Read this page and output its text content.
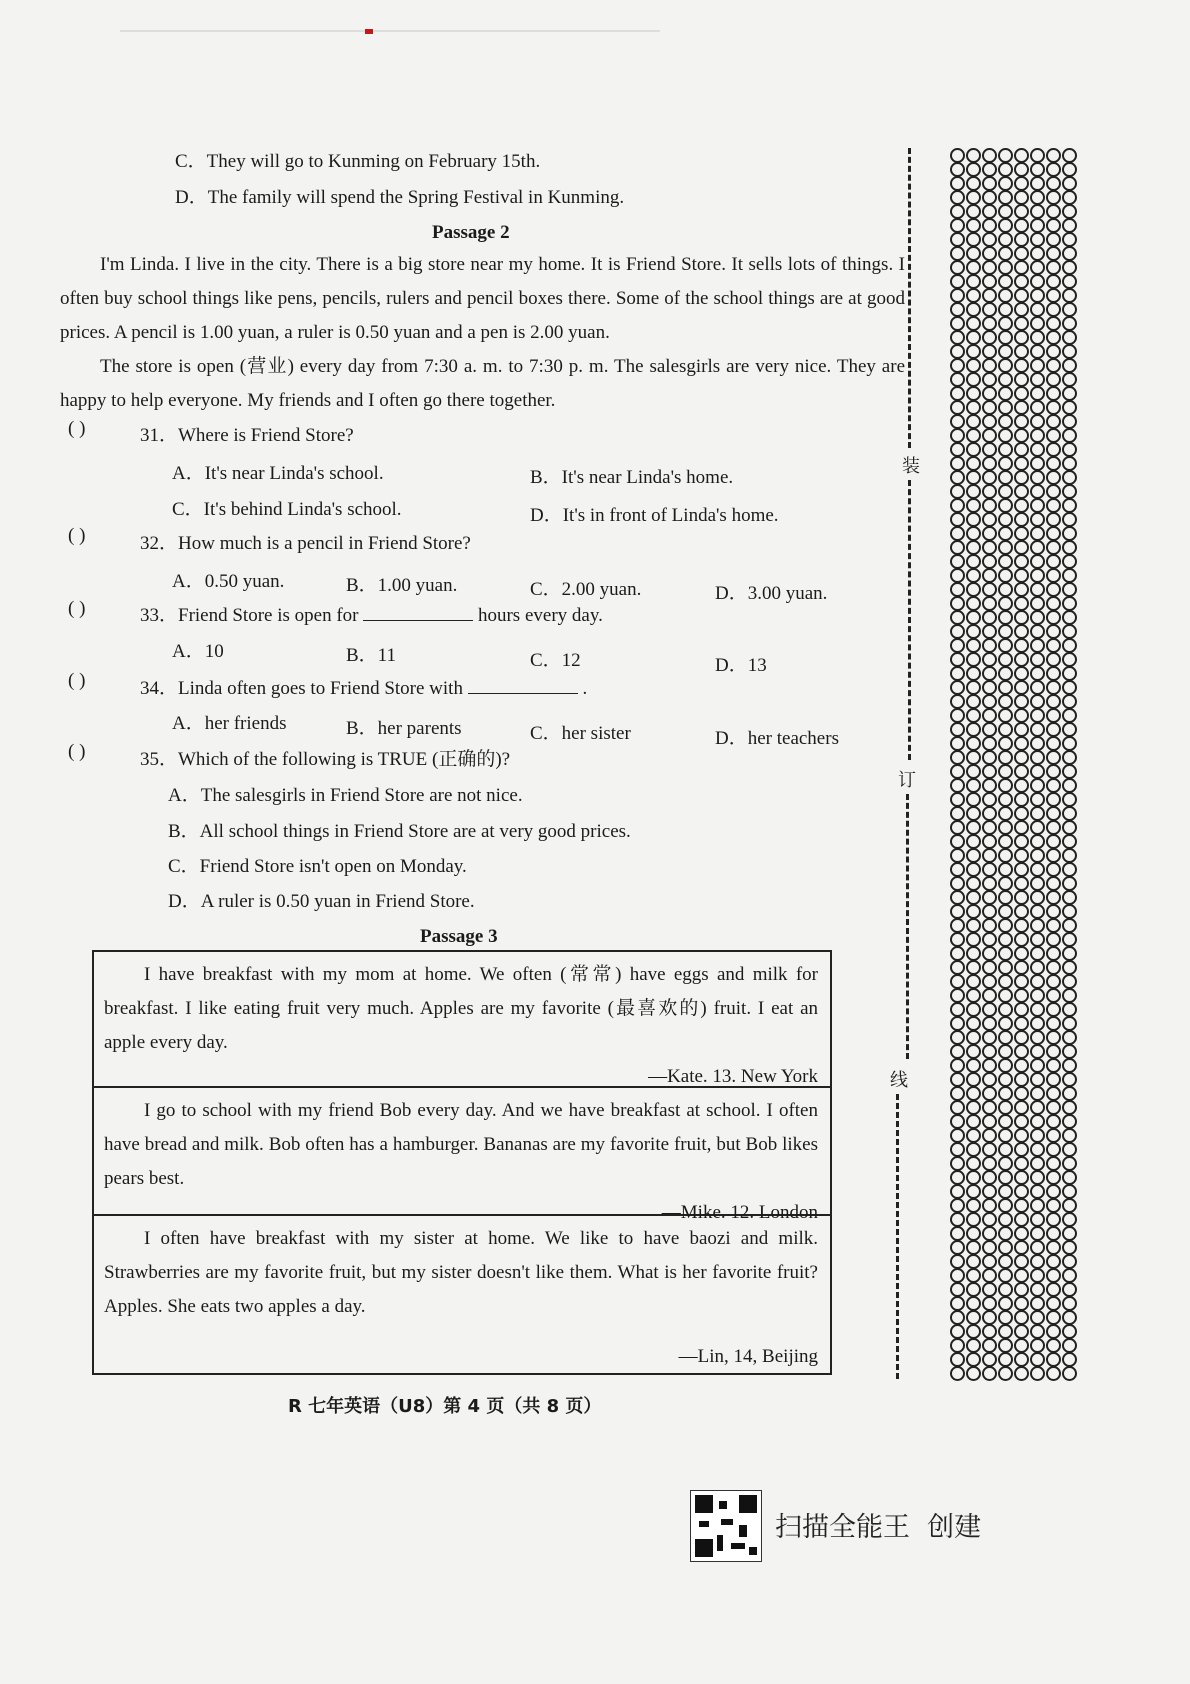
C．They will go to Kunming on February 15th.
D．The family will spend the Spring Festival in Kunming.
Passage 2
I'm Linda. I live in the city. There is a big store near my home. It is Friend Store. It sells lots of things. I often buy school things like pens, pencils, rulers and pencil boxes there. Some of the school things are at good prices. A pencil is 1.00 yuan, a ruler is 0.50 yuan and a pen is 2.00 yuan.
The store is open (营业) every day from 7:30 a. m. to 7:30 p. m. The salesgirls are very nice. They are happy to help everyone. My friends and I often go there together.
( )	31．Where is Friend Store?
A．It's near Linda's school.	B．It's near Linda's home.
C．It's behind Linda's school.	D．It's in front of Linda's home.
( )	32．How much is a pencil in Friend Store?
A．0.50 yuan.	B．1.00 yuan.	C．2.00 yuan.	D．3.00 yuan.
( )	33．Friend Store is open for	hours every day.
A．10	B．11	C．12	D．13
( )	34．Linda often goes to Friend Store with	.
A．her friends	B．her parents	C．her sister	D．her teachers
( )	35．Which of the following is TRUE (正确的)?
A．The salesgirls in Friend Store are not nice.
B．All school things in Friend Store are at very good prices.
C．Friend Store isn't open on Monday.
D．A ruler is 0.50 yuan in Friend Store.
Passage 3
I have breakfast with my mom at home. We often (常常) have eggs and milk for breakfast. I like eating fruit very much. Apples are my favorite (最喜欢的) fruit. I eat an apple every day.
—Kate. 13. New York
I go to school with my friend Bob every day. And we have breakfast at school. I often have bread and milk. Bob often has a hamburger. Bananas are my favorite fruit, but Bob likes pears best.
—Mike. 12. London
I often have breakfast with my sister at home. We like to have baozi and milk. Strawberries are my favorite fruit, but my sister doesn't like them. What is her favorite fruit? Apples. She eats two apples a day.
—Lin, 14, Beijing
装
订
线
R 七年英语（U8）第 4 页（共 8 页）
扫描全能王  创建
